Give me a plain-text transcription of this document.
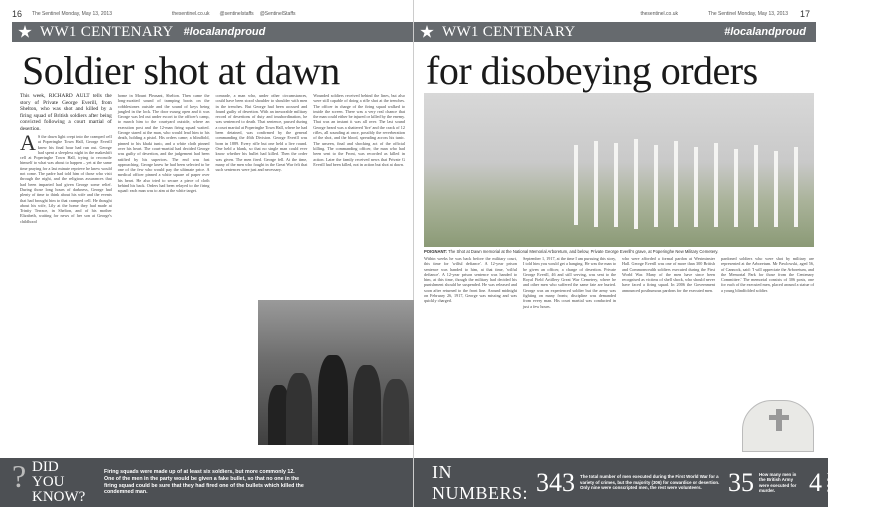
16 The Sentinel Monday, May 13, 2013	thesentinel.co.uk @sentinelstaffs @SentinelStaffs
WW1 CENTENARY #localandproud
Soldier shot at dawn

This week, RICHARD AULT tells the story of Private George Everill, from Shelton, who was shot and killed by a firing squad of British soldiers after being convicted following a court martial of desertion.

A S the dawn light crept into the cramped cell at Poperinghe Town Hall, George Everill knew his final hour had run out. George had spent a sleepless night in the makeshift cell at Poperinghe Town Hall, trying to reconcile himself to what was about to happen – yet at the same time praying for a last minute reprieve he knew would not come. The padre had told him of those who visit through the night, and the religious assurances that had been imparted had given George some relief. During those long hours of darkness, George had plenty of time to think about his wife and the events that had brought him to that cramped cell. He thought about his wife, Lily at the home they had made at Trinity Terrace, in Shelton, and of his mother Elizabeth, waiting for news of her son at George's childhood

home in Mount Pleasant, Shelton. Then came the long-awaited sound of tramping boots on the cobblestones outside and the sound of keys being jangled in the lock. The door swung open and it was George was led out under escort to the officer's camp, to march him to the courtyard outside, where an execution post and the 12-man firing squad waited. George stared at the man, who would lead him to his death, holding a pistol. His orders came; a blindfold, pinned to his khaki tunic, and a white cloth pinned over his heart. The court-martial had decided George was guilty of desertion, and the judgement had been ratified by his superiors. The end was fast approaching. George knew he had been selected to be one of the few who would pay the ultimate price. A medical officer pinned a white square of paper over his heart. He also tried to secure a piece of cloth behind his back. Orders had been relayed to the firing squad: each man was to aim at the white target.

comrade, a man who, under other circumstances, could have been stood shoulder to shoulder with men in the trenches. But George had been accused and found guilty of desertion. With an inexorable military record of desertions of duty and insubordination, he was sentenced to death. That sentence, passed during a court martial at Poperinghe Town Hall, where he had been detained, was confirmed by the general commanding the 46th Division. George Everill was born in 1889. Every rifle but one held a live round. One held a blank, so that no single man could ever know whether his bullet had killed. Then the order was given. The men fired. George fell. At the time, many of the men who fought in the Great War felt that such sentences were just and necessary.

Wounded soldiers received behind the lines, but also were still capable of doing a rifle shot at the trenches. The officer in charge of the firing squad walked to inside the screen. There was a very real chance that the man could either be injured or killed by the enemy. That was an instant it was all over. The last sound George heard was a shattered 'fire' and the crack of 12 rifles, all sounding at once, possibly the reverberation of the shot, and the blood, spreading across his tunic. The unseen, final and shocking act of the official killing. The commanding officer, the man who had been sent to the Front, was recorded as killed in action. Later the family received news that Private G Everill had been killed, not in action but shot at dawn.

? DID YOU
KNOW?
Firing squads were made up of at least six soldiers, but more commonly 12. One of the men in the party would be given a fake bullet, so that no one in the firing squad could be sure that they had fired one of the bullets which killed the condemned man.
thesentinel.co.uk	The Sentinel Monday, May 13, 2013 17
WW1 CENTENARY	#localandproud
for disobeying orders
POIGNANT: The Shot at Dawn memorial at the National Memorial Arboretum, and below, Private George Everill's grave, at Poperinghe New Military Cemetery.

Within weeks he was back before the military court, this time for 'wilful defiance'. A 12-year prison sentence was handed to him, at that time, 'wilful defiance'. A 12-year prison sentence was handed to him, at this time, though the military had decided his punishment should be suspended. He was released and soon after returned to the front line. Around midnight on February 26, 1917, George was missing and was quickly charged.

September 1, 1917, at the time I am pursuing this story, I told him you would get a hanging. He was the man to be given an officer, a charge of desertion. Private George Everill, 46 and still serving, was sent to the Royal Field Artillery Great War Cemetery, where he and other men who suffered the same fate are buried. George was an experienced soldier but the army was fighting on many fronts; discipline was demanded from every man. His court martial was conducted in just a few hours.

who were afforded a formal pardon at Westminster Hall. George Everill was one of more than 300 British and Commonwealth soldiers executed during the First World War. Many of the men have since been recognised as victims of shell shock, who should never have faced a firing squad. In 2006 the Government announced posthumous pardons for the executed men.

pardoned soldiers who were shot by military are represented at the Arboretum. Mr Pawlowski, aged 56, of Cannock, said: 'I will appreciate the Arboretum, and the Memorial Park for those from the Centenary Committee.' The memorial consists of 306 posts, one for each of the executed men, placed around a statue of a young blindfolded soldier.

IN NUMBERS: 343 The total number of men executed during the First World War for a variety of crimes, but the majority (306) for cowardice or desertion. Only nine were conscripted men, the rest were volunteers.	35 How many men in the British Army were executed for murder.	4 The number of men who were put to death for striking a senior officer.
